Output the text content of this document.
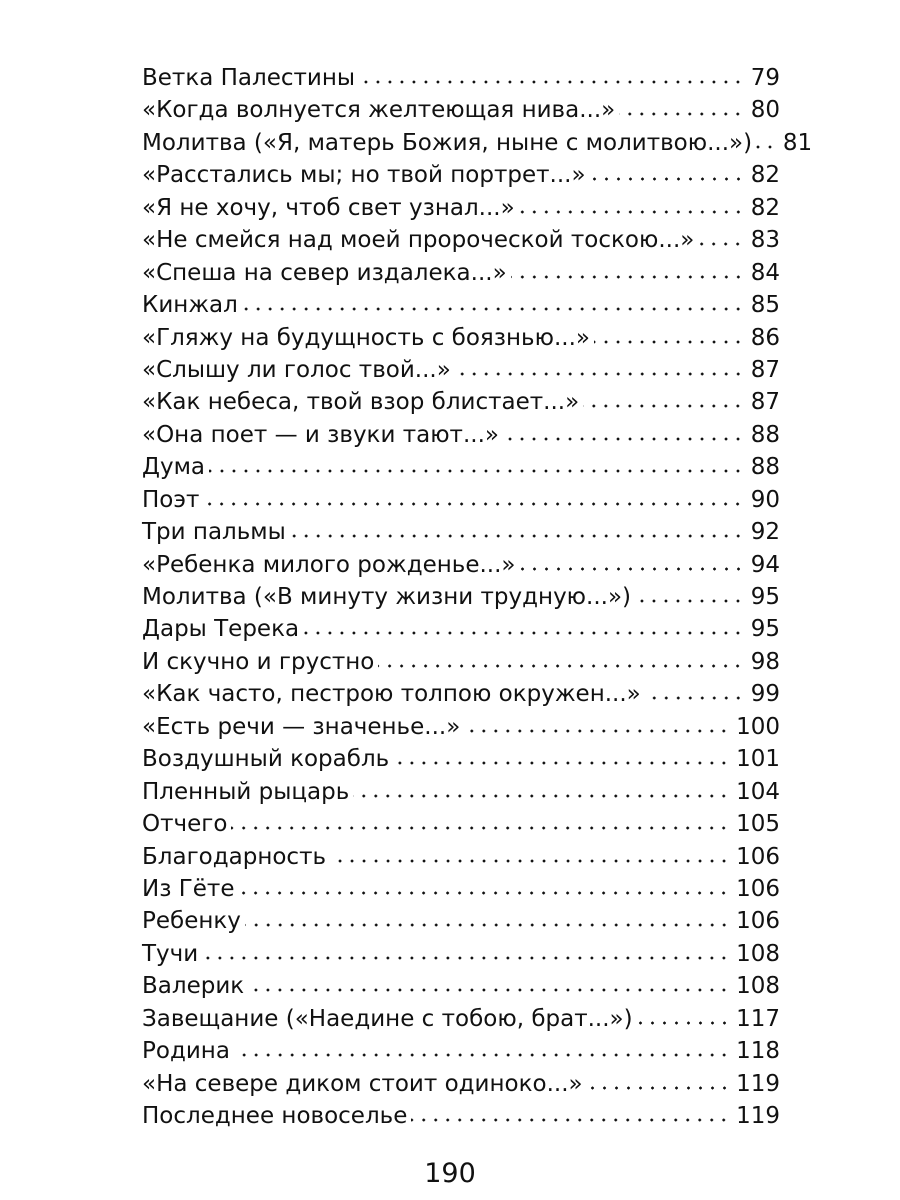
Ветка Палестины	79
«Когда волнуется желтеющая нива...»	80
Молитва («Я, матерь Божия, ныне с молитвою...») 81
«Расстались мы; но твой портрет...»	82
«Я не хочу, чтоб свет узнал...»	82
«Не смейся над моей пророческой тоскою...» 83
«Спеша на север издалека...»	84
Кинжал	85
«Гляжу на будущность с боязнью...»	86
«Слышу ли голос твой...»	87
«Как небеса, твой взор блистает...»	87
«Она поет — и звуки тают...»	88
Дума	88
Поэт	90
Три пальмы	92
«Ребенка милого рожденье...»	94
Молитва («В минуту жизни трудную...»)	95
Дары Терека	95
И скучно и грустно	98
«Как часто, пестрою толпою окружен...»	99
«Есть речи — значенье...»	100
Воздушный корабль	101
Пленный рыцарь	104
Отчего	105
Благодарность	106
Из Гёте	106
Ребенку	106
Тучи	108
Валерик	108
Завещание («Наедине с тобою, брат...»)	117
Родина	118
«На севере диком стоит одиноко...»	119
Последнее новоселье	119
190
